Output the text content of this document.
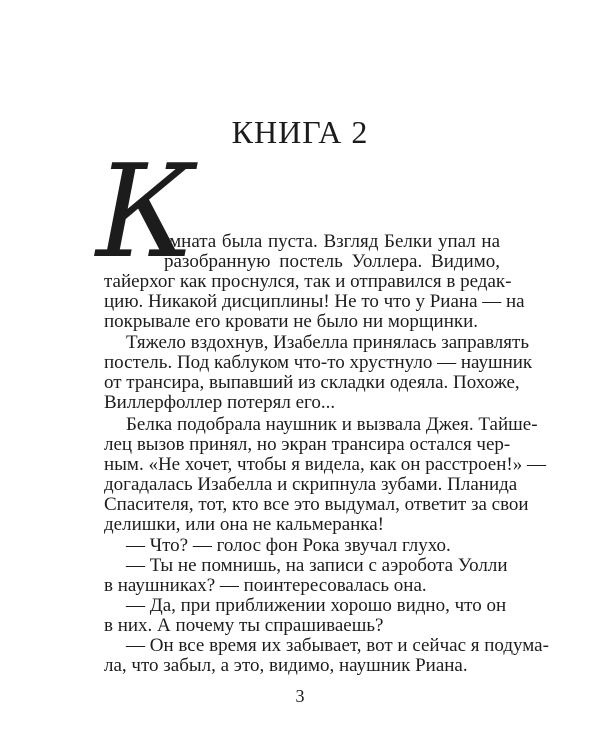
КНИГА 2
К
омната была пуста. Взгляд Белки упал на
разобранную постель Уоллера. Видимо,
тайерхог как проснулся, так и отправился в редак-
цию. Никакой дисциплины! Не то что у Риана — на
покрывале его кровати не было ни морщинки.
Тяжело вздохнув, Изабелла принялась заправлять
постель. Под каблуком что-то хрустнуло — наушник
от трансира, выпавший из складки одеяла. Похоже,
Виллерфоллер потерял его...
Белка подобрала наушник и вызвала Джея. Тайше-
лец вызов принял, но экран трансира остался чер-
ным. «Не хочет, чтобы я видела, как он расстроен!» —
догадалась Изабелла и скрипнула зубами. Планида
Спасителя, тот, кто все это выдумал, ответит за свои
делишки, или она не кальмеранка!
— Что? — голос фон Рока звучал глухо.
— Ты не помнишь, на записи с аэробота Уолли
в наушниках? — поинтересовалась она.
— Да, при приближении хорошо видно, что он
в них. А почему ты спрашиваешь?
— Он все время их забывает, вот и сейчас я подума-
ла, что забыл, а это, видимо, наушник Риана.
3
